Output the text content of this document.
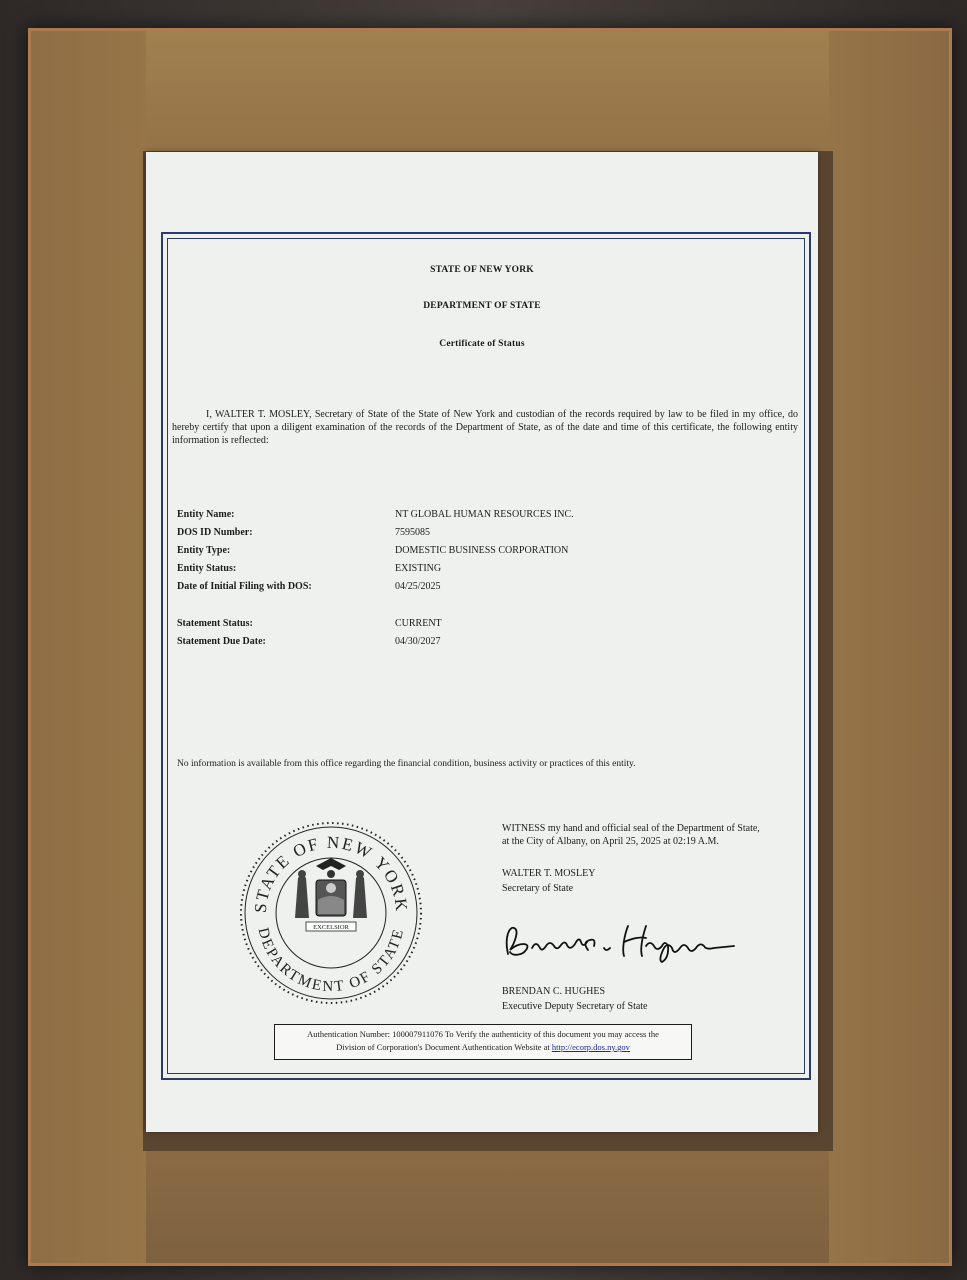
STATE OF NEW YORK
DEPARTMENT OF STATE
Certificate of Status
I, WALTER T. MOSLEY, Secretary of State of the State of New York and custodian of the records required by law to be filed in my office, do hereby certify that upon a diligent examination of the records of the Department of State, as of the date and time of this certificate, the following entity information is reflected:
Entity Name:	NT GLOBAL HUMAN RESOURCES INC.
DOS ID Number:	7595085
Entity Type:	DOMESTIC BUSINESS CORPORATION
Entity Status:	EXISTING
Date of Initial Filing with DOS:	04/25/2025
Statement Status:	CURRENT
Statement Due Date:	04/30/2027
No information is available from this office regarding the financial condition, business activity or practices of this entity.
STATE OF NEW YORK
DEPARTMENT OF STATE
EXCELSIOR
WITNESS my hand and official seal of the Department of State,
at the City of Albany, on April 25, 2025 at 02:19 A.M.
WALTER T. MOSLEY
Secretary of State
BRENDAN C. HUGHES
Executive Deputy Secretary of State
Authentication Number: 100007911076 To Verify the authenticity of this document you may access the
Division of Corporation's Document Authentication Website at http://ecorp.dos.ny.gov
